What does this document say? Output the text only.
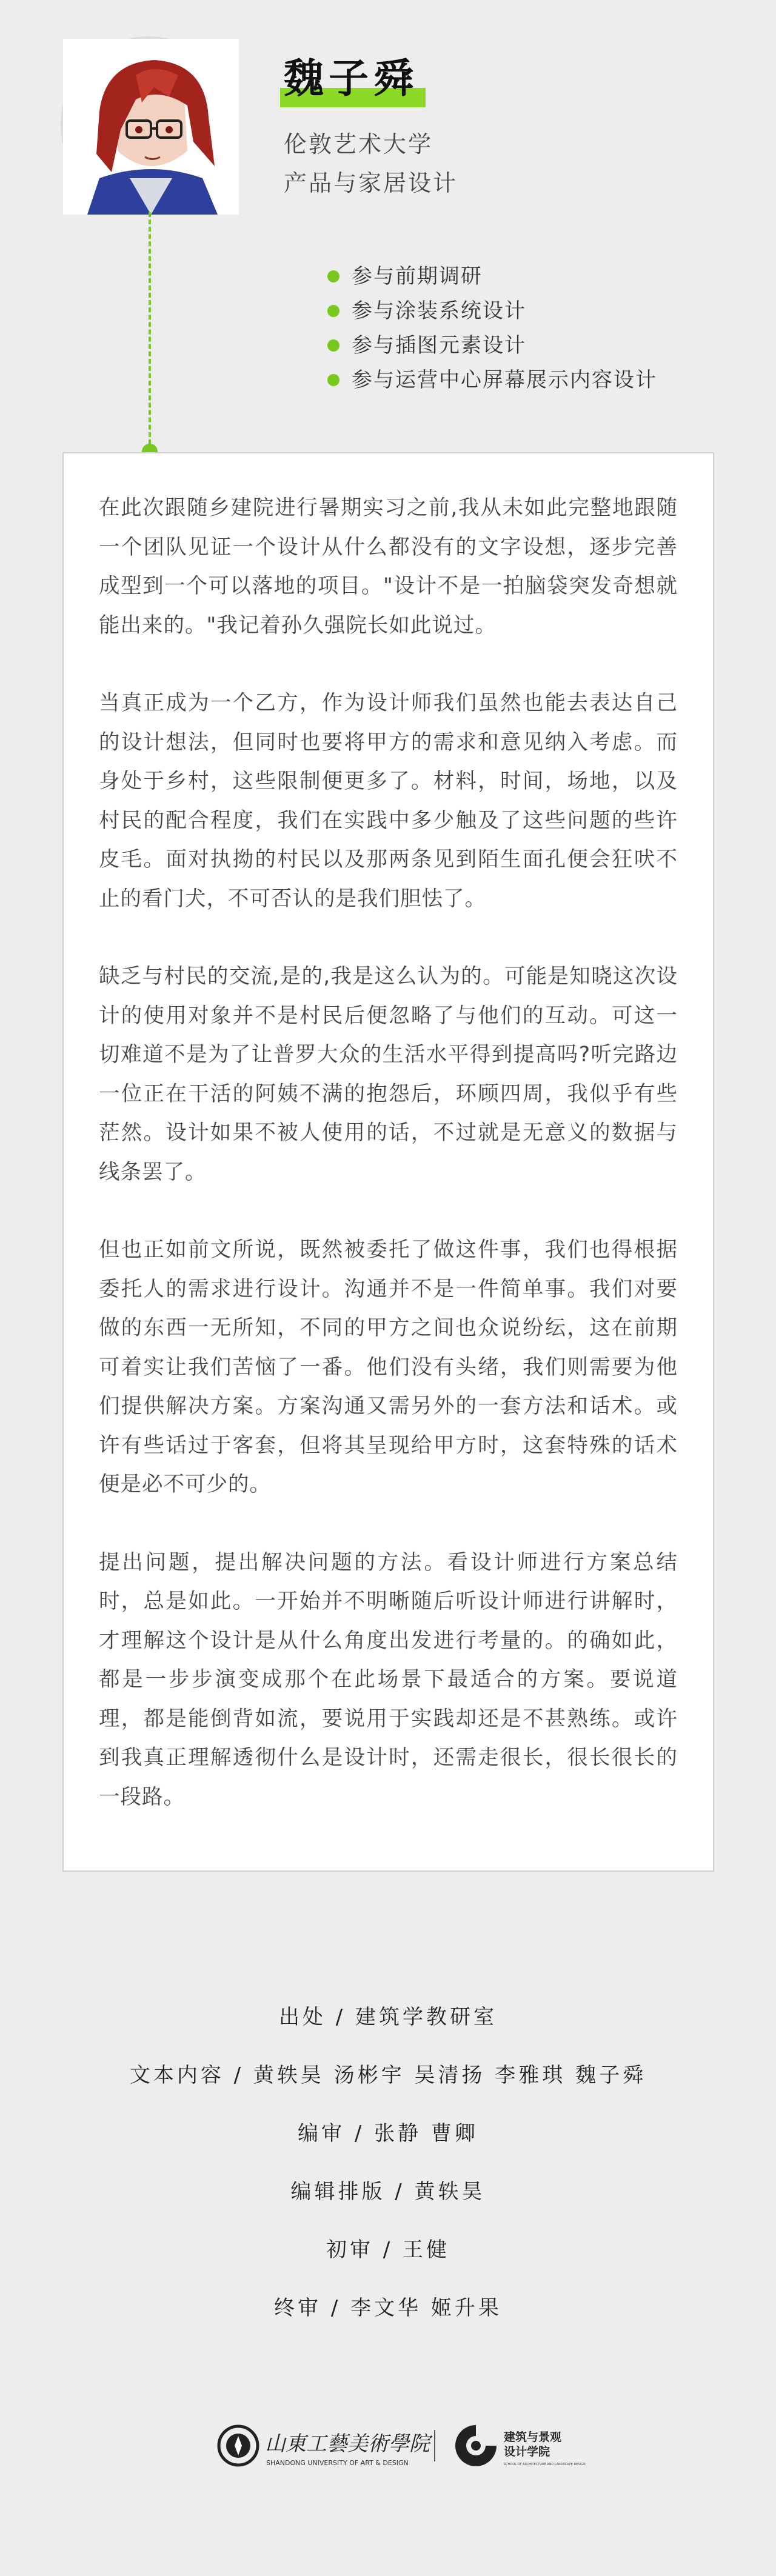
魏子舜
伦敦艺术大学
产品与家居设计
参与前期调研
参与涂装系统设计
参与插图元素设计
参与运营中心屏幕展示内容设计

在此次跟随乡建院进行暑期实习之前,我从未如此完整地跟随一个团队见证一个设计从什么都没有的文字设想，逐步完善成型到一个可以落地的项目。"设计不是一拍脑袋突发奇想就能出来的。"我记着孙久强院长如此说过。

当真正成为一个乙方，作为设计师我们虽然也能去表达自己的设计想法，但同时也要将甲方的需求和意见纳入考虑。而身处于乡村，这些限制便更多了。材料，时间，场地，以及村民的配合程度，我们在实践中多少触及了这些问题的些许皮毛。面对执拗的村民以及那两条见到陌生面孔便会狂吠不止的看门犬，不可否认的是我们胆怯了。

缺乏与村民的交流,是的,我是这么认为的。可能是知晓这次设计的使用对象并不是村民后便忽略了与他们的互动。可这一切难道不是为了让普罗大众的生活水平得到提高吗?听完路边一位正在干活的阿姨不满的抱怨后，环顾四周，我似乎有些茫然。设计如果不被人使用的话，不过就是无意义的数据与线条罢了。

但也正如前文所说，既然被委托了做这件事，我们也得根据委托人的需求进行设计。沟通并不是一件简单事。我们对要做的东西一无所知，不同的甲方之间也众说纷纭，这在前期可着实让我们苦恼了一番。他们没有头绪，我们则需要为他们提供解决方案。方案沟通又需另外的一套方法和话术。或许有些话过于客套，但将其呈现给甲方时，这套特殊的话术便是必不可少的。

提出问题，提出解决问题的方法。看设计师进行方案总结时，总是如此。一开始并不明晰随后听设计师进行讲解时，才理解这个设计是从什么角度出发进行考量的。的确如此，都是一步步演变成那个在此场景下最适合的方案。要说道理，都是能倒背如流，要说用于实践却还是不甚熟练。或许到我真正理解透彻什么是设计时，还需走很长，很长很长的一段路。

出处 / 建筑学教研室
文本内容 / 黄轶昊 汤彬宇 吴清扬 李雅琪 魏子舜
编审 / 张静 曹卿
编辑排版 / 黄轶昊
初审 / 王健
终审 / 李文华 姬升果
山東工藝美術學院
SHANDONG UNIVERSITY OF ART & DESIGN
建筑与景观
设计学院
SCHOOL OF ARCHITECTURE AND LANDSCAPE DESIGN
